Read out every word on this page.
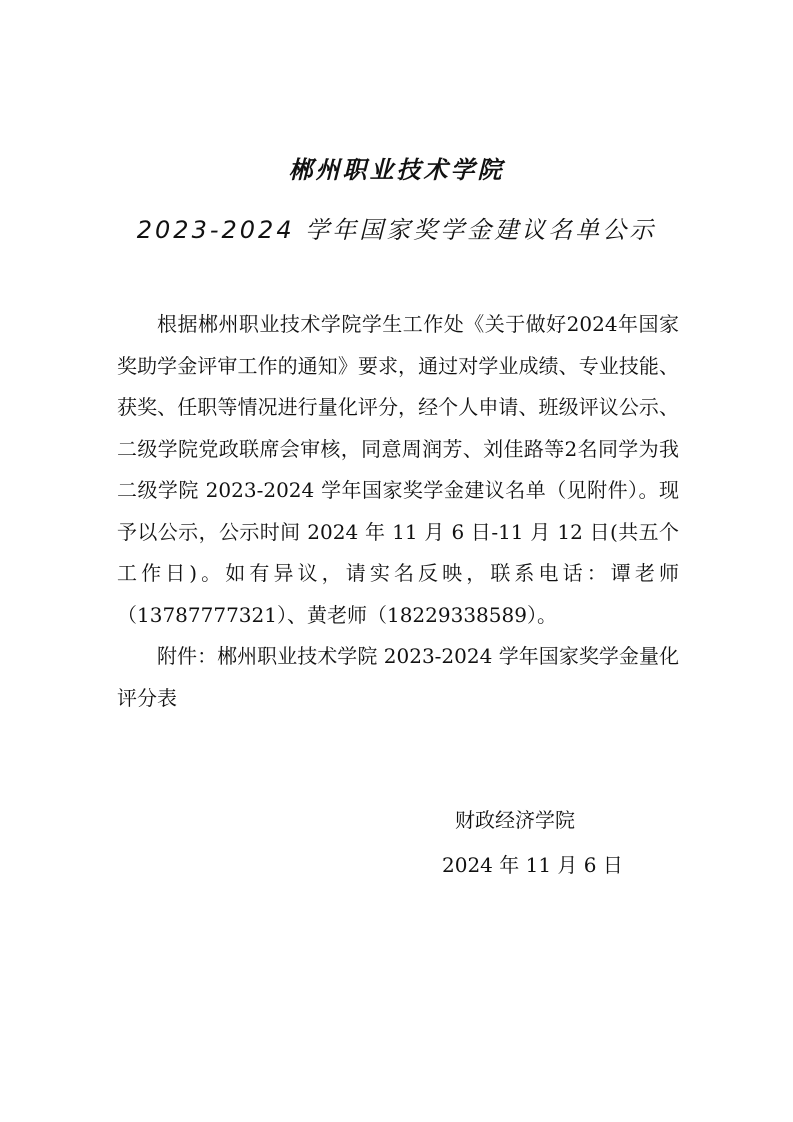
郴州职业技术学院
2023-2024 学年国家奖学金建议名单公示

根据郴州职业技术学院学生工作处《关于做好2024年国家奖助学金评审工作的通知》要求，通过对学业成绩、专业技能、获奖、任职等情况进行量化评分，经个人申请、班级评议公示、二级学院党政联席会审核，同意周润芳、刘佳路等2名同学为我二级学院 2023-2024 学年国家奖学金建议名单（见附件）。现予以公示，公示时间 2024 年 11 月 6 日-11 月 12 日(共五个工作日)。如有异议，请实名反映，联系电话：谭老师（13787777321）、黄老师（18229338589）。

附件：郴州职业技术学院 2023-2024 学年国家奖学金量化评分表

财政经济学院
2024 年 11 月 6 日
